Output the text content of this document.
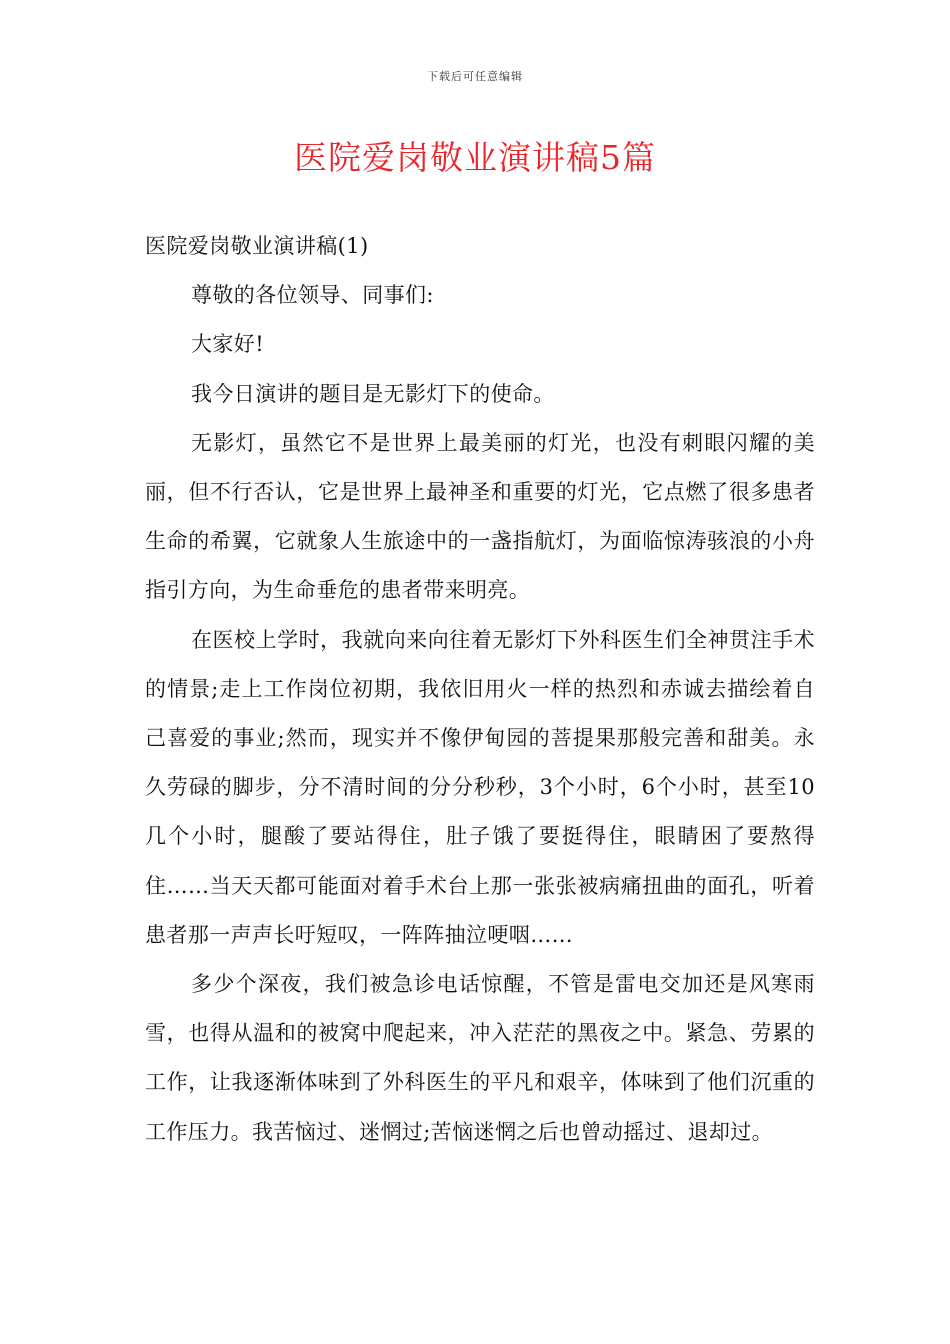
下载后可任意编辑
医院爱岗敬业演讲稿5篇

医院爱岗敬业演讲稿(1)

尊敬的各位领导、同事们:

大家好!

我今日演讲的题目是无影灯下的使命。

无影灯，虽然它不是世界上最美丽的灯光，也没有刺眼闪耀的美丽，但不行否认，它是世界上最神圣和重要的灯光，它点燃了很多患者生命的希翼，它就象人生旅途中的一盏指航灯，为面临惊涛骇浪的小舟指引方向，为生命垂危的患者带来明亮。

在医校上学时，我就向来向往着无影灯下外科医生们全神贯注手术的情景;走上工作岗位初期，我依旧用火一样的热烈和赤诚去描绘着自己喜爱的事业;然而，现实并不像伊甸园的菩提果那般完善和甜美。永久劳碌的脚步，分不清时间的分分秒秒，3个小时，6个小时，甚至10几个小时，腿酸了要站得住，肚子饿了要挺得住，眼睛困了要熬得住……当天天都可能面对着手术台上那一张张被病痛扭曲的面孔，听着患者那一声声长吁短叹，一阵阵抽泣哽咽……

多少个深夜，我们被急诊电话惊醒，不管是雷电交加还是风寒雨雪，也得从温和的被窝中爬起来，冲入茫茫的黑夜之中。紧急、劳累的工作，让我逐渐体味到了外科医生的平凡和艰辛，体味到了他们沉重的工作压力。我苦恼过、迷惘过;苦恼迷惘之后也曾动摇过、退却过。
